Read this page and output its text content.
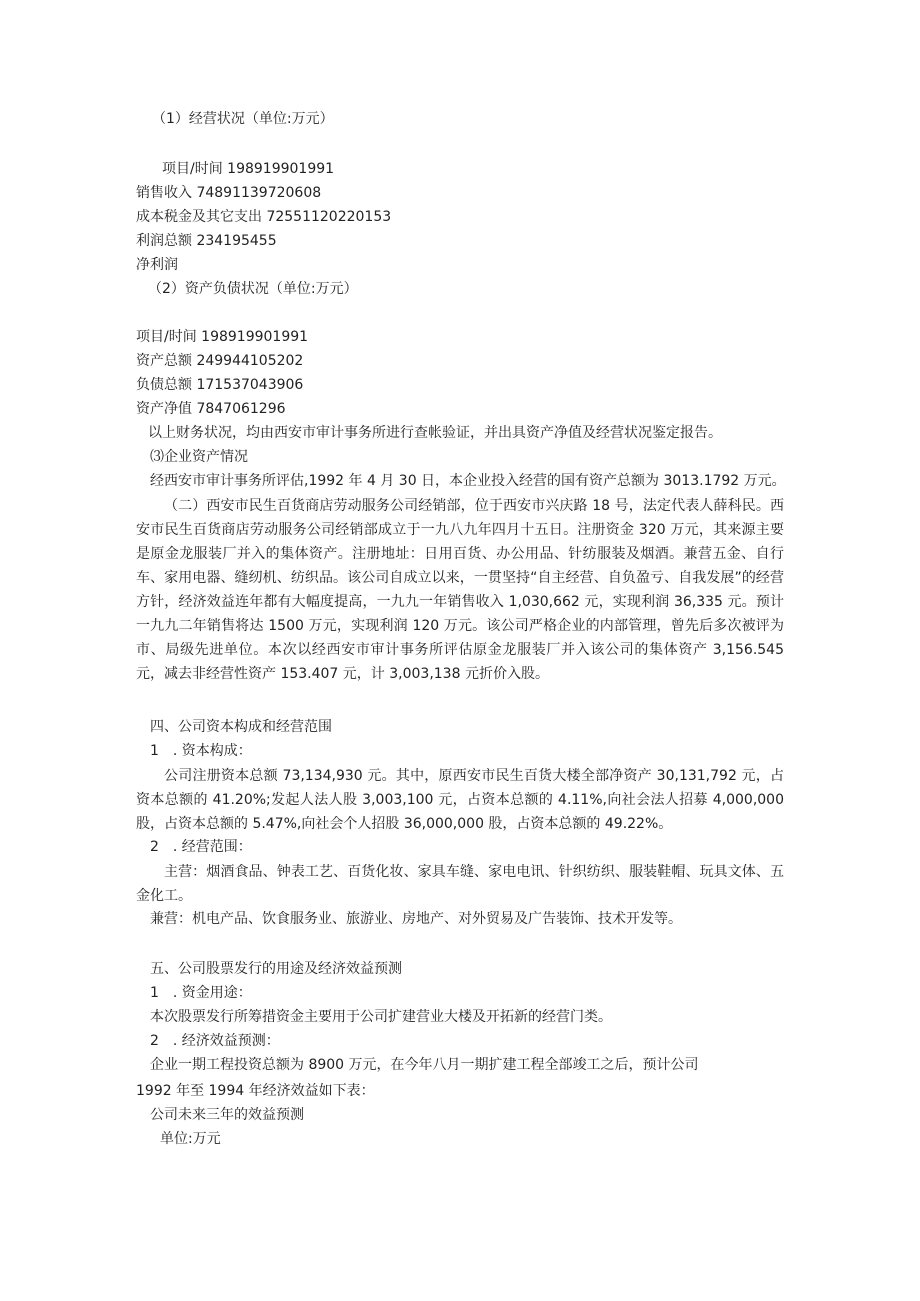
（1）经营状况（单位:万元）

项目/时间 198919901991

销售收入 74891139720608

成本税金及其它支出 72551120220153

利润总额 234195455

净利润

（2）资产负债状况（单位:万元）

项目/时间 198919901991

资产总额 249944105202

负债总额 171537043906

资产净值 7847061296

以上财务状况，均由西安市审计事务所进行查帐验证，并出具资产净值及经营状况鉴定报告。

⑶企业资产情况

经西安市审计事务所评估,1992 年 4 月 30 日，本企业投入经营的国有资产总额为 3013.1792 万元。

（二）西安市民生百货商店劳动服务公司经销部，位于西安市兴庆路 18 号，法定代表人薛科民。西安市民生百货商店劳动服务公司经销部成立于一九八九年四月十五日。注册资金 320 万元，其来源主要是原金龙服装厂并入的集体资产。注册地址：日用百货、办公用品、针纺服装及烟酒。兼营五金、自行车、家用电器、缝纫机、纺织品。该公司自成立以来，一贯坚持“自主经营、自负盈亏、自我发展”的经营方针，经济效益连年都有大幅度提高，一九九一年销售收入 1,030,662 元，实现利润 36,335 元。预计一九九二年销售将达 1500 万元，实现利润 120 万元。该公司严格企业的内部管理，曾先后多次被评为市、局级先进单位。本次以经西安市审计事务所评估原金龙服装厂并入该公司的集体资产 3,156.545 元，减去非经营性资产 153.407 元，计 3,003,138 元折价入股。

四、公司资本构成和经营范围

1　. 资本构成：

公司注册资本总额 73,134,930 元。其中，原西安市民生百货大楼全部净资产 30,131,792 元，占资本总额的 41.20%;发起人法人股 3,003,100 元，占资本总额的 4.11%,向社会法人招募 4,000,000 股，占资本总额的 5.47%,向社会个人招股 36,000,000 股，占资本总额的 49.22%。

2　. 经营范围：

主营：烟酒食品、钟表工艺、百货化妆、家具车缝、家电电讯、针织纺织、服装鞋帽、玩具文体、五金化工。

兼营：机电产品、饮食服务业、旅游业、房地产、对外贸易及广告装饰、技术开发等。

五、公司股票发行的用途及经济效益预测

1　. 资金用途：

本次股票发行所筹措资金主要用于公司扩建营业大楼及开拓新的经营门类。

2　. 经济效益预测：

企业一期工程投资总额为 8900 万元，在今年八月一期扩建工程全部竣工之后，预计公司

1992 年至 1994 年经济效益如下表：

公司未来三年的效益预测

单位:万元
